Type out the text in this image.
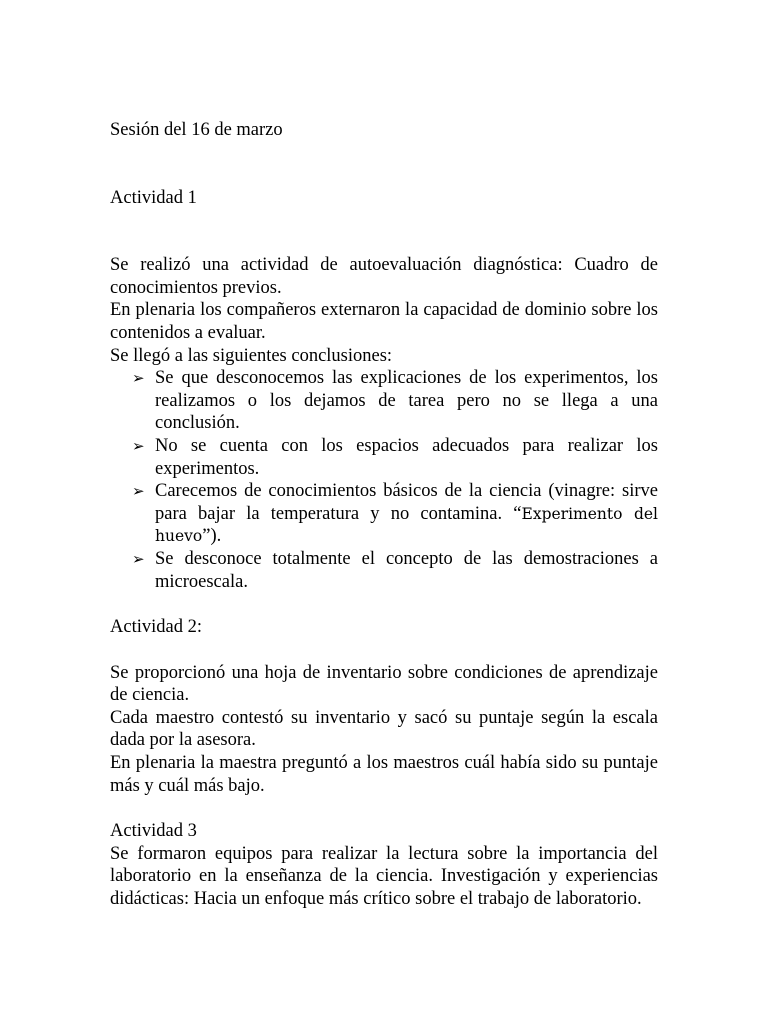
Sesión del 16 de marzo

Actividad 1

Se realizó una actividad de autoevaluación diagnóstica: Cuadro de conocimientos previos.

En plenaria los compañeros externaron la capacidad de dominio sobre los contenidos a evaluar.

Se llegó a las siguientes conclusiones:

➢ Se que desconocemos las explicaciones de los experimentos, los realizamos o los dejamos de tarea pero no se llega a una conclusión.
➢ No se cuenta con los espacios adecuados para realizar los experimentos.
➢ Carecemos de conocimientos básicos de la ciencia (vinagre: sirve para bajar la temperatura y no contamina. “Experimento del huevo”).
➢ Se desconoce totalmente el concepto de las demostraciones a microescala.

Actividad 2:

Se proporcionó una hoja de inventario sobre condiciones de aprendizaje de ciencia.

Cada maestro contestó su inventario y sacó su puntaje según la escala dada por la asesora.

En plenaria la maestra preguntó a los maestros cuál había sido su puntaje más y cuál más bajo.

Actividad 3

Se formaron equipos para realizar la lectura sobre la importancia del laboratorio en la enseñanza de la ciencia. Investigación y experiencias didácticas: Hacia un enfoque más crítico sobre el trabajo de laboratorio.
